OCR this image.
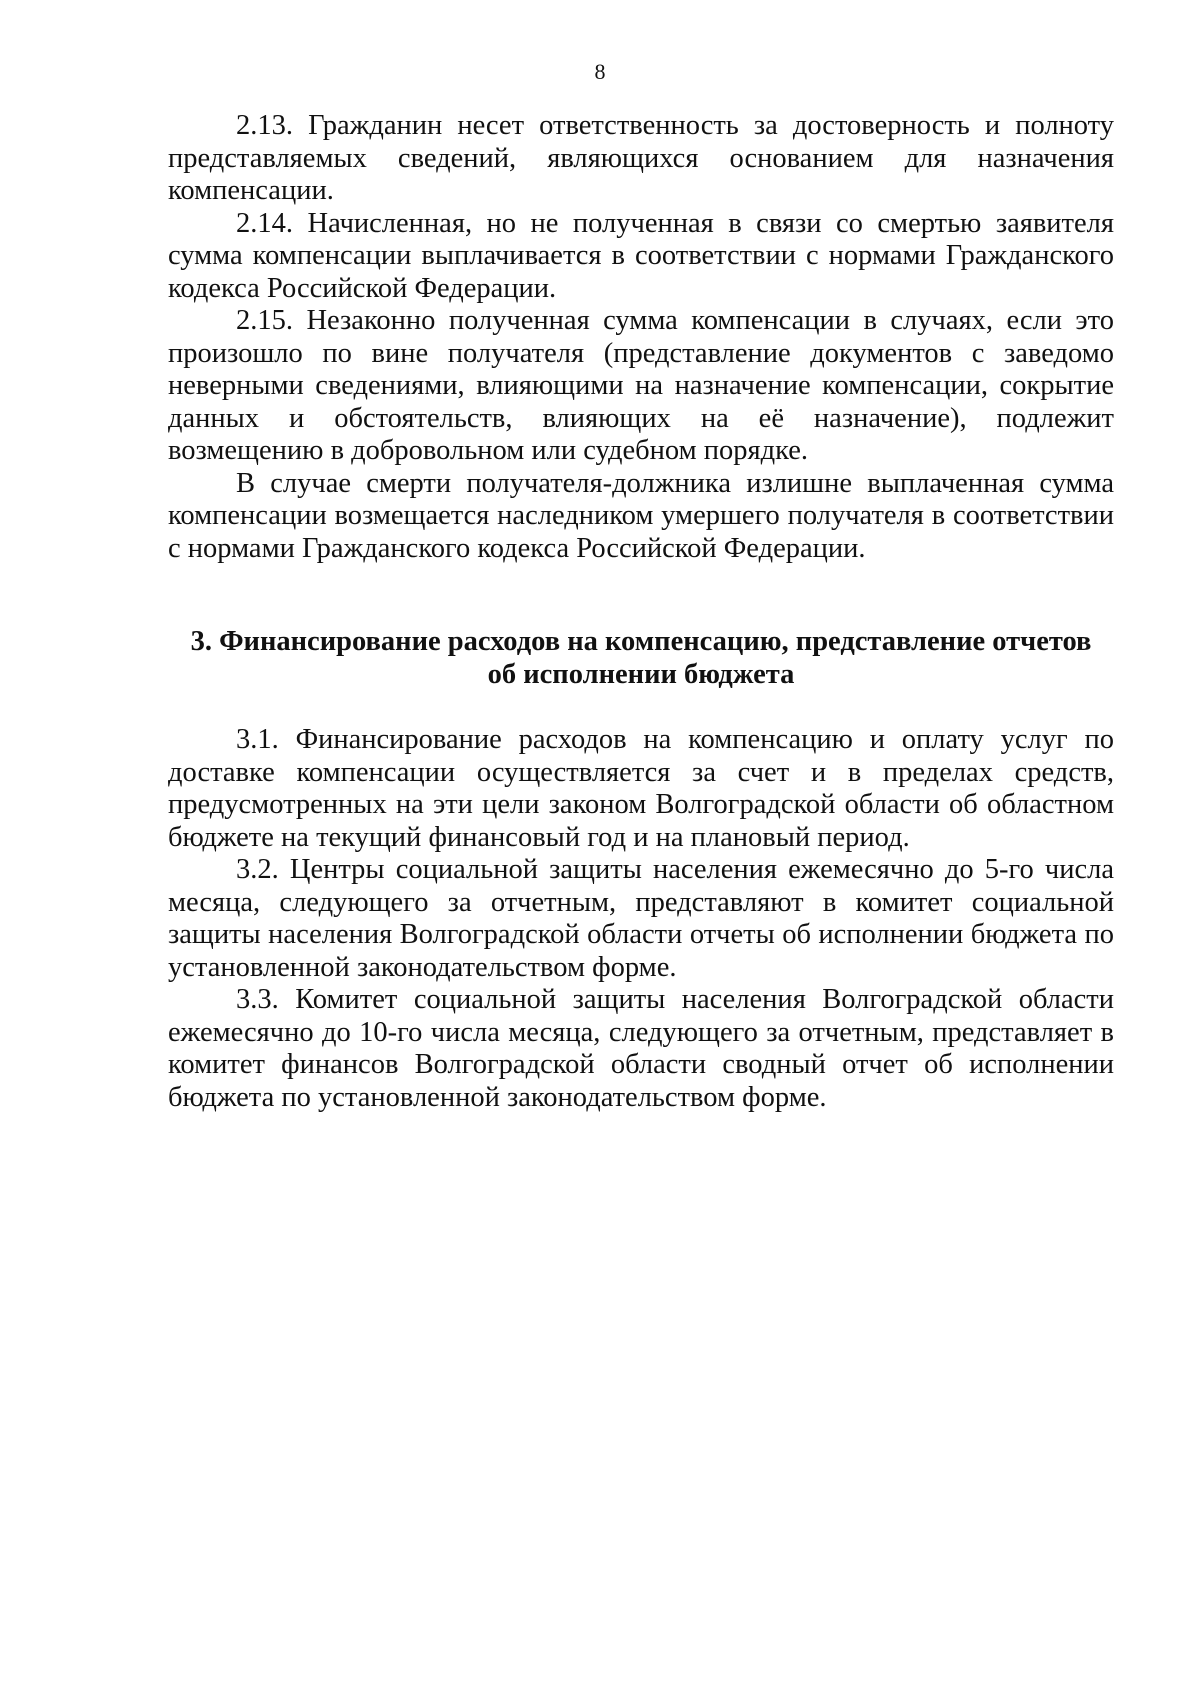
8

2.13. Гражданин несет ответственность за достоверность и полноту представляемых сведений, являющихся основанием для назначения компенсации.

2.14. Начисленная, но не полученная в связи со смертью заявителя сумма компенсации выплачивается в соответствии с нормами Гражданского кодекса Российской Федерации.

2.15. Незаконно полученная сумма компенсации в случаях, если это произошло по вине получателя (представление документов с заведомо неверными сведениями, влияющими на назначение компенсации, сокрытие данных и обстоятельств, влияющих на её назначение), подлежит возмещению в добровольном или судебном порядке.

В случае смерти получателя-должника излишне выплаченная сумма компенсации возмещается наследником умершего получателя в соответствии с нормами Гражданского кодекса Российской Федерации.

3. Финансирование расходов на компенсацию, представление отчетов
об исполнении бюджета

3.1. Финансирование расходов на компенсацию и оплату услуг по доставке компенсации осуществляется за счет и в пределах средств, предусмотренных на эти цели законом Волгоградской области об областном бюджете на текущий финансовый год и на плановый период.

3.2. Центры социальной защиты населения ежемесячно до 5-го числа месяца, следующего за отчетным, представляют в комитет социальной защиты населения Волгоградской области отчеты об исполнении бюджета по установленной законодательством форме.

3.3. Комитет социальной защиты населения Волгоградской области ежемесячно до 10-го числа месяца, следующего за отчетным, представляет в комитет финансов Волгоградской области сводный отчет об исполнении бюджета по установленной законодательством форме.
